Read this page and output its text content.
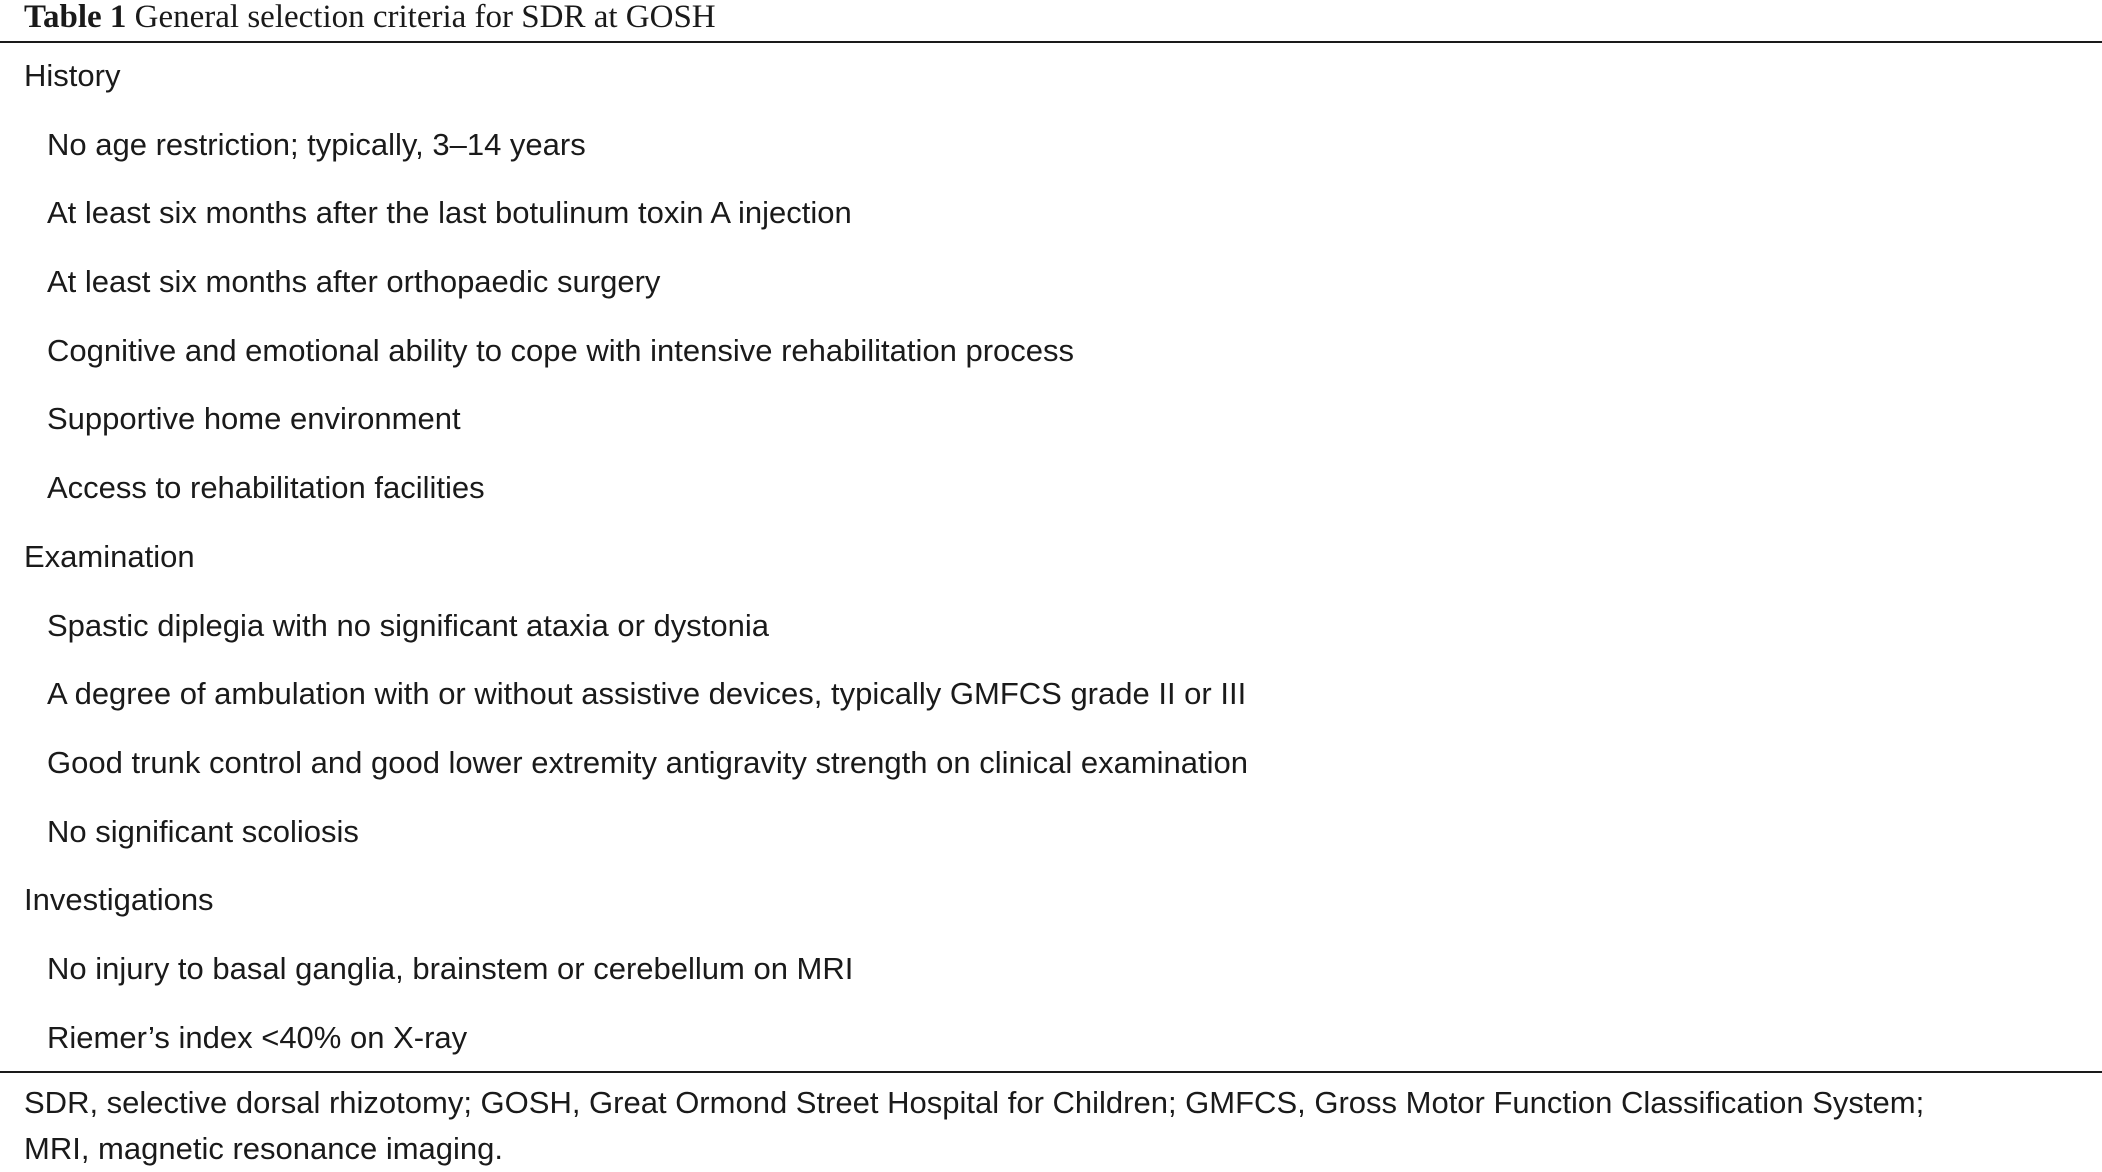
Table 1 General selection criteria for SDR at GOSH
History
No age restriction; typically, 3–14 years
At least six months after the last botulinum toxin A injection
At least six months after orthopaedic surgery
Cognitive and emotional ability to cope with intensive rehabilitation process
Supportive home environment
Access to rehabilitation facilities
Examination
Spastic diplegia with no significant ataxia or dystonia
A degree of ambulation with or without assistive devices, typically GMFCS grade II or III
Good trunk control and good lower extremity antigravity strength on clinical examination
No significant scoliosis
Investigations
No injury to basal ganglia, brainstem or cerebellum on MRI
Riemer’s index <40% on X-ray
SDR, selective dorsal rhizotomy; GOSH, Great Ormond Street Hospital for Children; GMFCS, Gross Motor Function Classification System;
MRI, magnetic resonance imaging.
